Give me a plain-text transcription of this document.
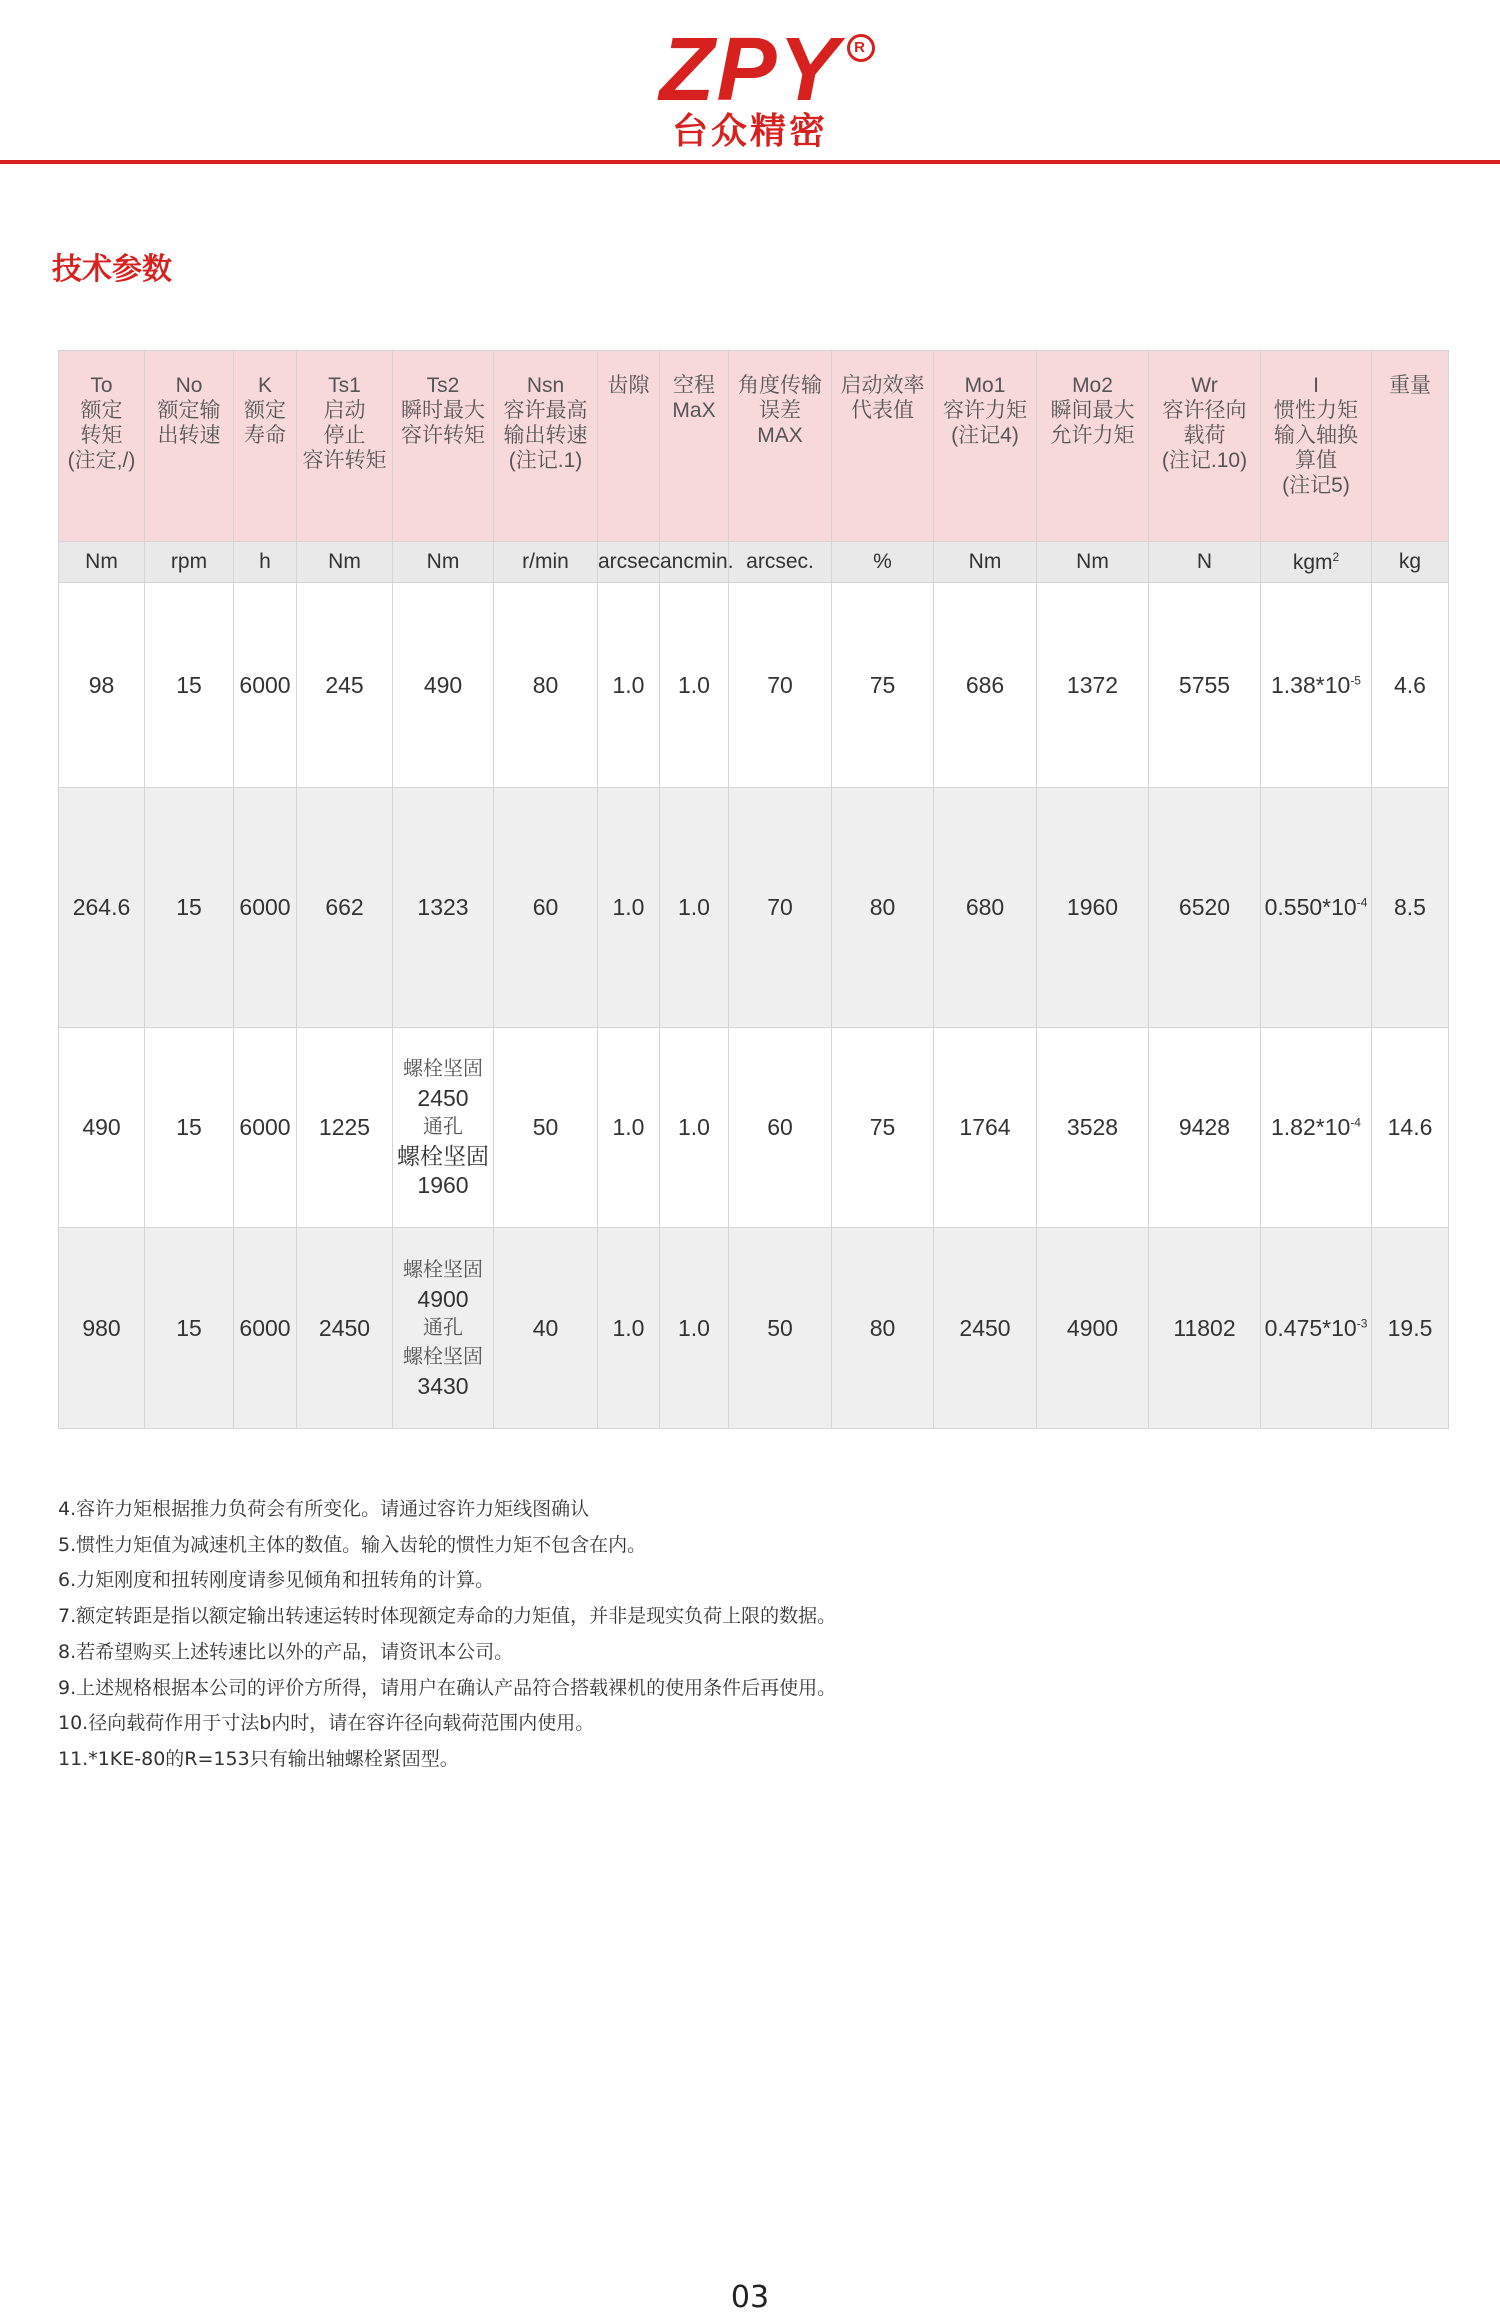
ZPY R
台众精密
技术参数
To
额定
转矩
(注定,/)	No
额定输
出转速	K
额定
寿命	Ts1
启动
停止
容许转矩	Ts2
瞬时最大
容许转矩	Nsn
容许最高
输出转速
(注记.1)	齿隙	空程
MaX	角度传输
误差
MAX	启动效率
代表值	Mo1
容许力矩
(注记4)	Mo2
瞬间最大
允许力矩	Wr
容许径向
载荷
(注记.10)	I
惯性力矩
输入轴换
算值
(注记5)	重量

Nm	rpm	h	Nm	Nm	r/min	arcsec	ancmin.	arcsec.	%	Nm	Nm	N	kgm$^2$	kg
98	15	6000	245	490	80	1.0	1.0	70	75	686	1372	5755	$1.38*10^{-5}$	4.6
264.6	15	6000	662	1323	60	1.0	1.0	70	80	680	1960	6520	$0.550*10^{-4}$	8.5
490	15	6000	1225	螺栓坚固
2450
通孔
螺栓坚固
1960	50	1.0	1.0	60	75	1764	3528	9428	$1.82*10^{-4}$	14.6
980	15	6000	2450	螺栓坚固
4900
通孔
螺栓坚固
3430	40	1.0	1.0	50	80	2450	4900	11802	$0.475*10^{-3}$	19.5
4.容许力矩根据推力负荷会有所变化。请通过容许力矩线图确认
5.惯性力矩值为减速机主体的数值。输入齿轮的惯性力矩不包含在内。
6.力矩刚度和扭转刚度请参见倾角和扭转角的计算。
7.额定转距是指以额定输出转速运转时体现额定寿命的力矩值，并非是现实负荷上限的数据。
8.若希望购买上述转速比以外的产品，请资讯本公司。
9.上述规格根据本公司的评价方所得，请用户在确认产品符合搭载裸机的使用条件后再使用。
10.径向载荷作用于寸法b内时，请在容许径向载荷范围内使用。
11.*1KE-80的R=153只有输出轴螺栓紧固型。
03
